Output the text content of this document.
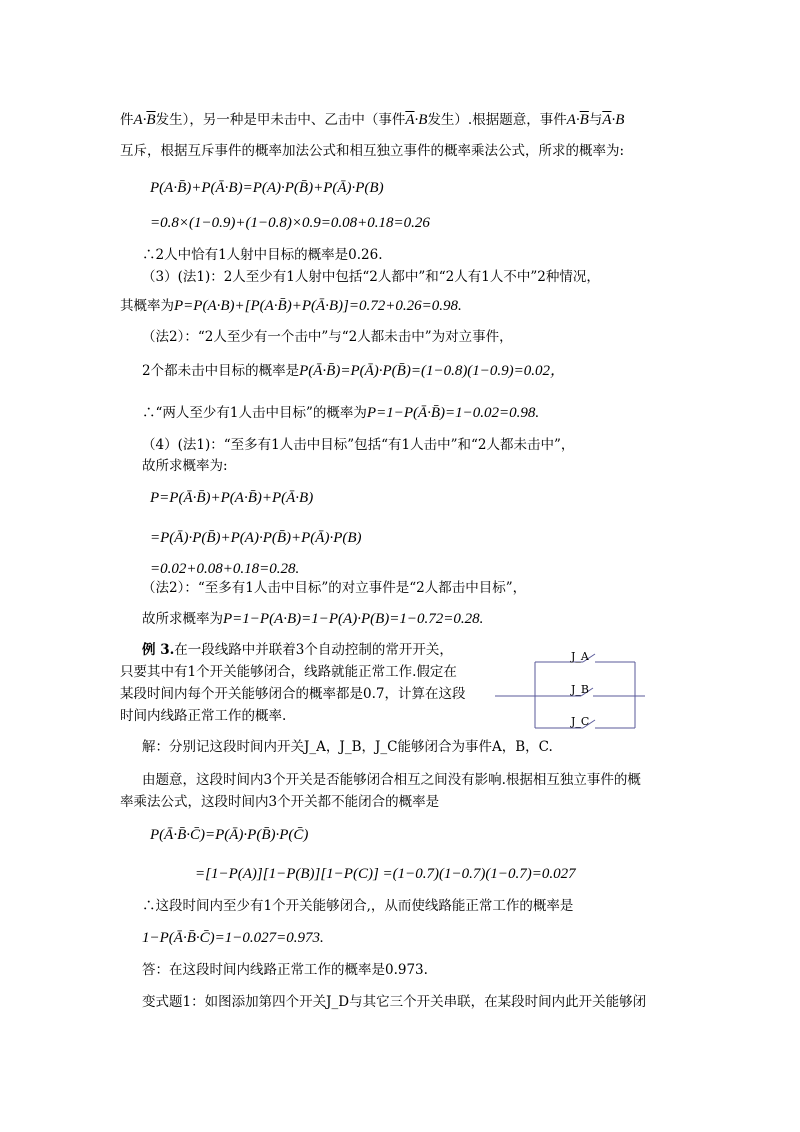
件$A\cdot\overline{B}$发生），另一种是甲未击中、乙击中（事件$\overline{A}\cdot B$发生）.根据题意，事件$A\cdot\overline{B}$与$\overline{A}\cdot B$
互斥，根据互斥事件的概率加法公式和相互独立事件的概率乘法公式，所求的概率为:
P(A·B̄)+P(Ā·B)=P(A)·P(B̄)+P(Ā)·P(B)
=0.8×(1−0.9)+(1−0.8)×0.9=0.08+0.18=0.26
∴2人中恰有1人射中目标的概率是0.26.
（3）(法1)：2人至少有1人射中包括“2人都中”和“2人有1人不中”2种情况，
其概率为P=P(A·B)+[P(A·B̄)+P(Ā·B)]=0.72+0.26=0.98.
（法2）：“2人至少有一个击中”与“2人都未击中”为对立事件，
2个都未击中目标的概率是P(Ā·B̄)=P(Ā)·P(B̄)=(1−0.8)(1−0.9)=0.02，
∴“两人至少有1人击中目标”的概率为P=1−P(Ā·B̄)=1−0.02=0.98.
（4）(法1)：“至多有1人击中目标”包括“有1人击中”和“2人都未击中”，
故所求概率为:
P=P(Ā·B̄)+P(A·B̄)+P(Ā·B)
=P(Ā)·P(B̄)+P(A)·P(B̄)+P(Ā)·P(B)
=0.02+0.08+0.18=0.28.
（法2）：“至多有1人击中目标”的对立事件是“2人都击中目标”，
故所求概率为P=1−P(A·B)=1−P(A)·P(B)=1−0.72=0.28.
例 3.在一段线路中并联着3个自动控制的常开开关，
只要其中有1个开关能够闭合，线路就能正常工作.假定在
某段时间内每个开关能够闭合的概率都是0.7，计算在这段
时间内线路正常工作的概率.
J_A
J_B
J_C
解：分别记这段时间内开关J_A，J_B，J_C能够闭合为事件A，B，C.
由题意，这段时间内3个开关是否能够闭合相互之间没有影响.根据相互独立事件的概
率乘法公式，这段时间内3个开关都不能闭合的概率是
P(Ā·B̄·C̄)=P(Ā)·P(B̄)·P(C̄)
=[1−P(A)][1−P(B)][1−P(C)] =(1−0.7)(1−0.7)(1−0.7)=0.027
∴这段时间内至少有1个开关能够闭合,，从而使线路能正常工作的概率是
1−P(Ā·B̄·C̄)=1−0.027=0.973.
答：在这段时间内线路正常工作的概率是0.973.
变式题1：如图添加第四个开关J_D与其它三个开关串联，在某段时间内此开关能够闭
